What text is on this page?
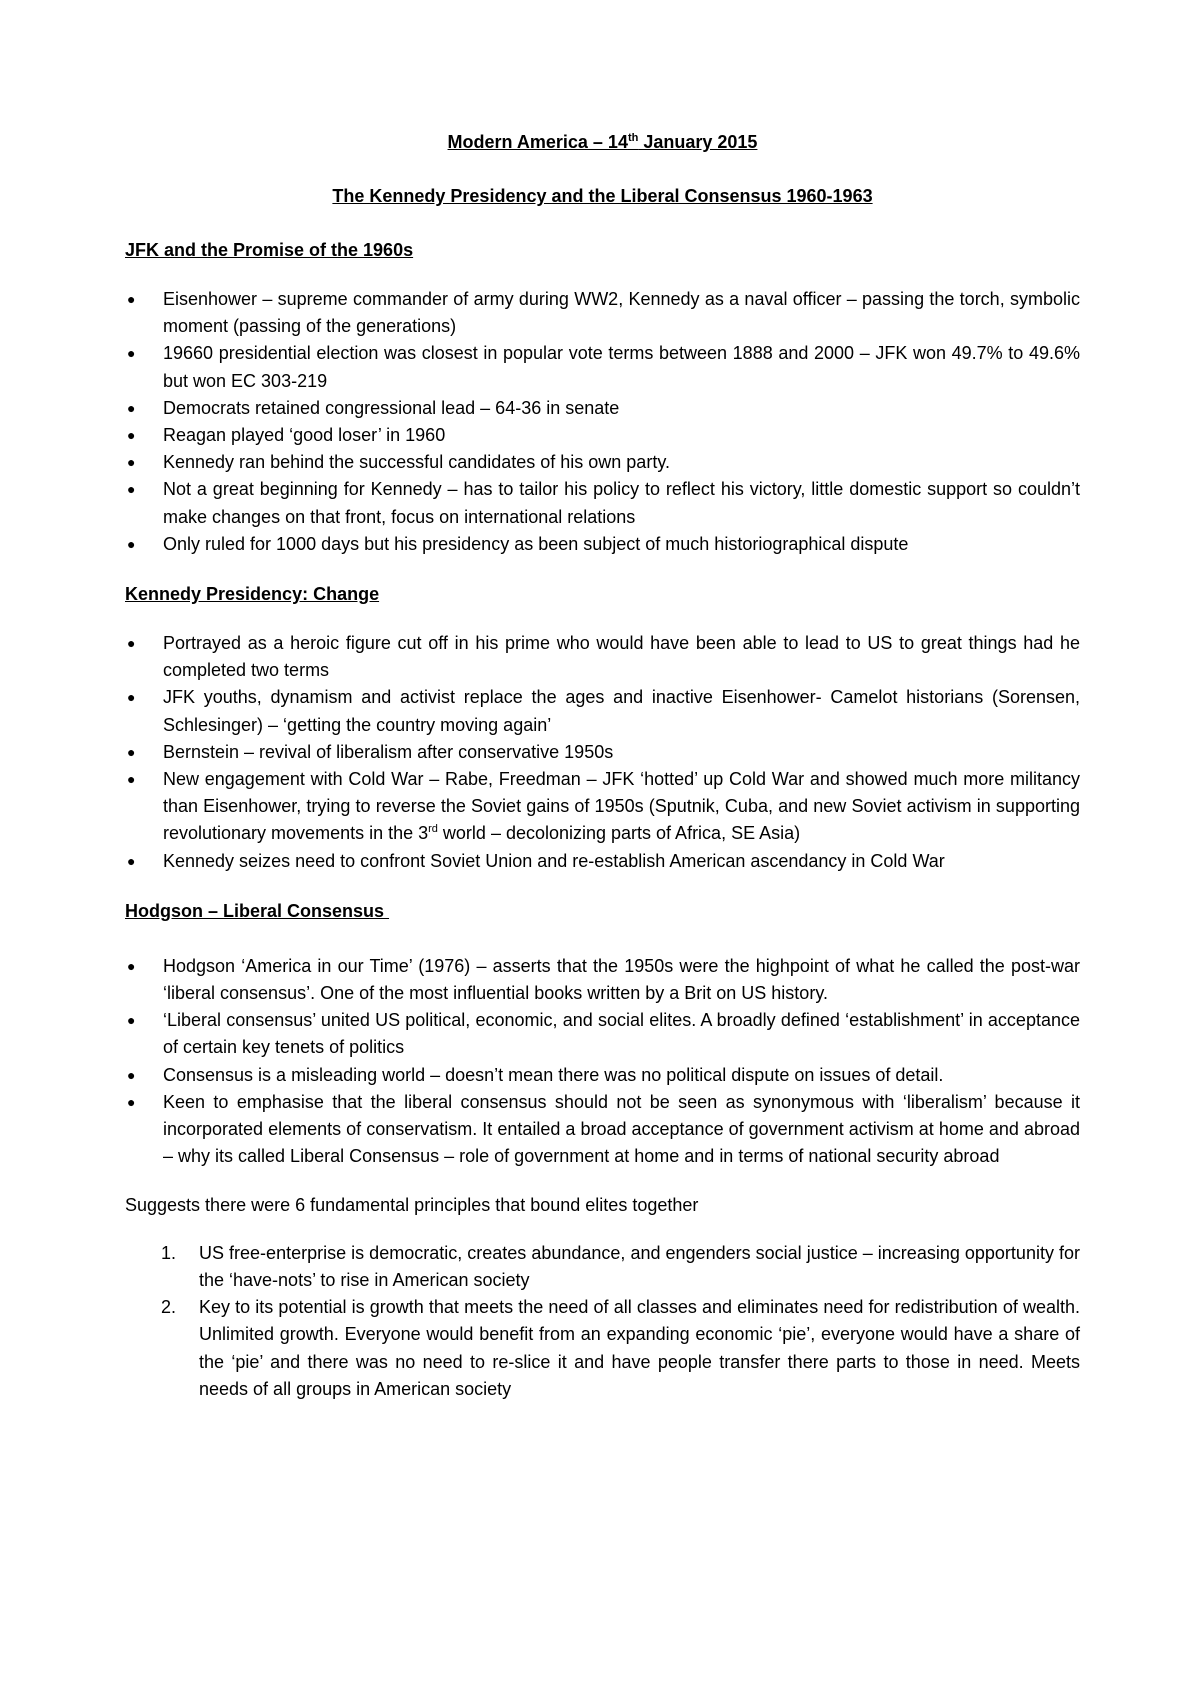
Modern America – 14th January 2015

The Kennedy Presidency and the Liberal Consensus 1960-1963

JFK and the Promise of the 1960s

● Eisenhower – supreme commander of army during WW2, Kennedy as a naval officer – passing the torch, symbolic moment (passing of the generations)
● 19660 presidential election was closest in popular vote terms between 1888 and 2000 – JFK won 49.7% to 49.6% but won EC 303-219
● Democrats retained congressional lead – 64-36 in senate
● Reagan played ‘good loser’ in 1960
● Kennedy ran behind the successful candidates of his own party.
● Not a great beginning for Kennedy – has to tailor his policy to reflect his victory, little domestic support so couldn’t make changes on that front, focus on international relations
● Only ruled for 1000 days but his presidency as been subject of much historiographical dispute

Kennedy Presidency: Change

● Portrayed as a heroic figure cut off in his prime who would have been able to lead to US to great things had he completed two terms
● JFK youths, dynamism and activist replace the ages and inactive Eisenhower- Camelot historians (Sorensen, Schlesinger) – ‘getting the country moving again’
● Bernstein – revival of liberalism after conservative 1950s
● New engagement with Cold War – Rabe, Freedman – JFK ‘hotted’ up Cold War and showed much more militancy than Eisenhower, trying to reverse the Soviet gains of 1950s (Sputnik, Cuba, and new Soviet activism in supporting revolutionary movements in the 3rd world – decolonizing parts of Africa, SE Asia)
● Kennedy seizes need to confront Soviet Union and re-establish American ascendancy in Cold War

Hodgson – Liberal Consensus

● Hodgson ‘America in our Time’ (1976) – asserts that the 1950s were the highpoint of what he called the post-war ‘liberal consensus’. One of the most influential books written by a Brit on US history.
● ‘Liberal consensus’ united US political, economic, and social elites. A broadly defined ‘establishment’ in acceptance of certain key tenets of politics
● Consensus is a misleading world – doesn’t mean there was no political dispute on issues of detail.
● Keen to emphasise that the liberal consensus should not be seen as synonymous with ‘liberalism’ because it incorporated elements of conservatism. It entailed a broad acceptance of government activism at home and abroad – why its called Liberal Consensus – role of government at home and in terms of national security abroad

Suggests there were 6 fundamental principles that bound elites together

1. US free-enterprise is democratic, creates abundance, and engenders social justice – increasing opportunity for the ‘have-nots’ to rise in American society
2. Key to its potential is growth that meets the need of all classes and eliminates need for redistribution of wealth. Unlimited growth. Everyone would benefit from an expanding economic ‘pie’, everyone would have a share of the ‘pie’ and there was no need to re-slice it and have people transfer there parts to those in need. Meets needs of all groups in American society
